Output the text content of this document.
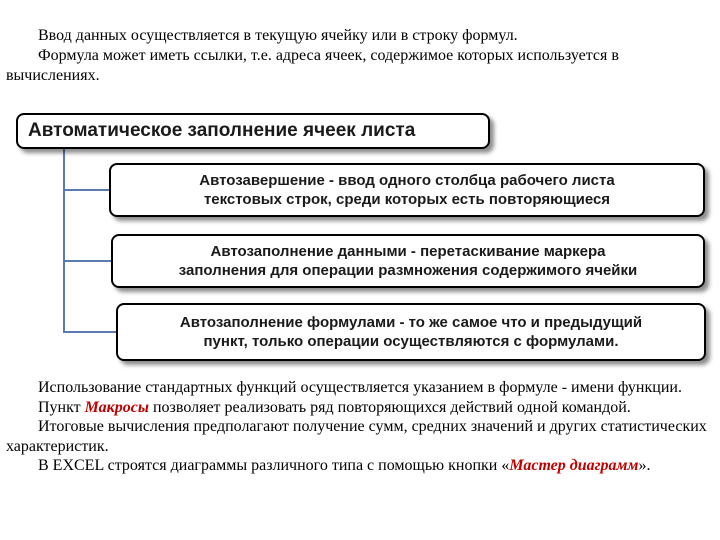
Ввод данных осуществляется в текущую ячейку или в строку формул.
Формула может иметь ссылки, т.е. адреса ячеек, содержимое которых используется в вычислениях.

Автоматическое заполнение ячеек листа
Автозавершение - ввод одного столбца рабочего листа
текстовых строк, среди которых есть повторяющиеся
Автозаполнение данными - перетаскивание маркера
заполнения для операции размножения содержимого ячейки
Автозаполнение формулами - то же самое что и предыдущий
пункт, только операции осуществляются с формулами.
Использование стандартных функций осуществляется указанием в формуле - имени функции.
Пункт Макросы позволяет реализовать ряд повторяющихся действий одной командой.
Итоговые вычисления предполагают получение сумм, средних значений и других статистических характеристик.
В EXCEL строятся диаграммы различного типа с помощью кнопки «Мастер диаграмм».
